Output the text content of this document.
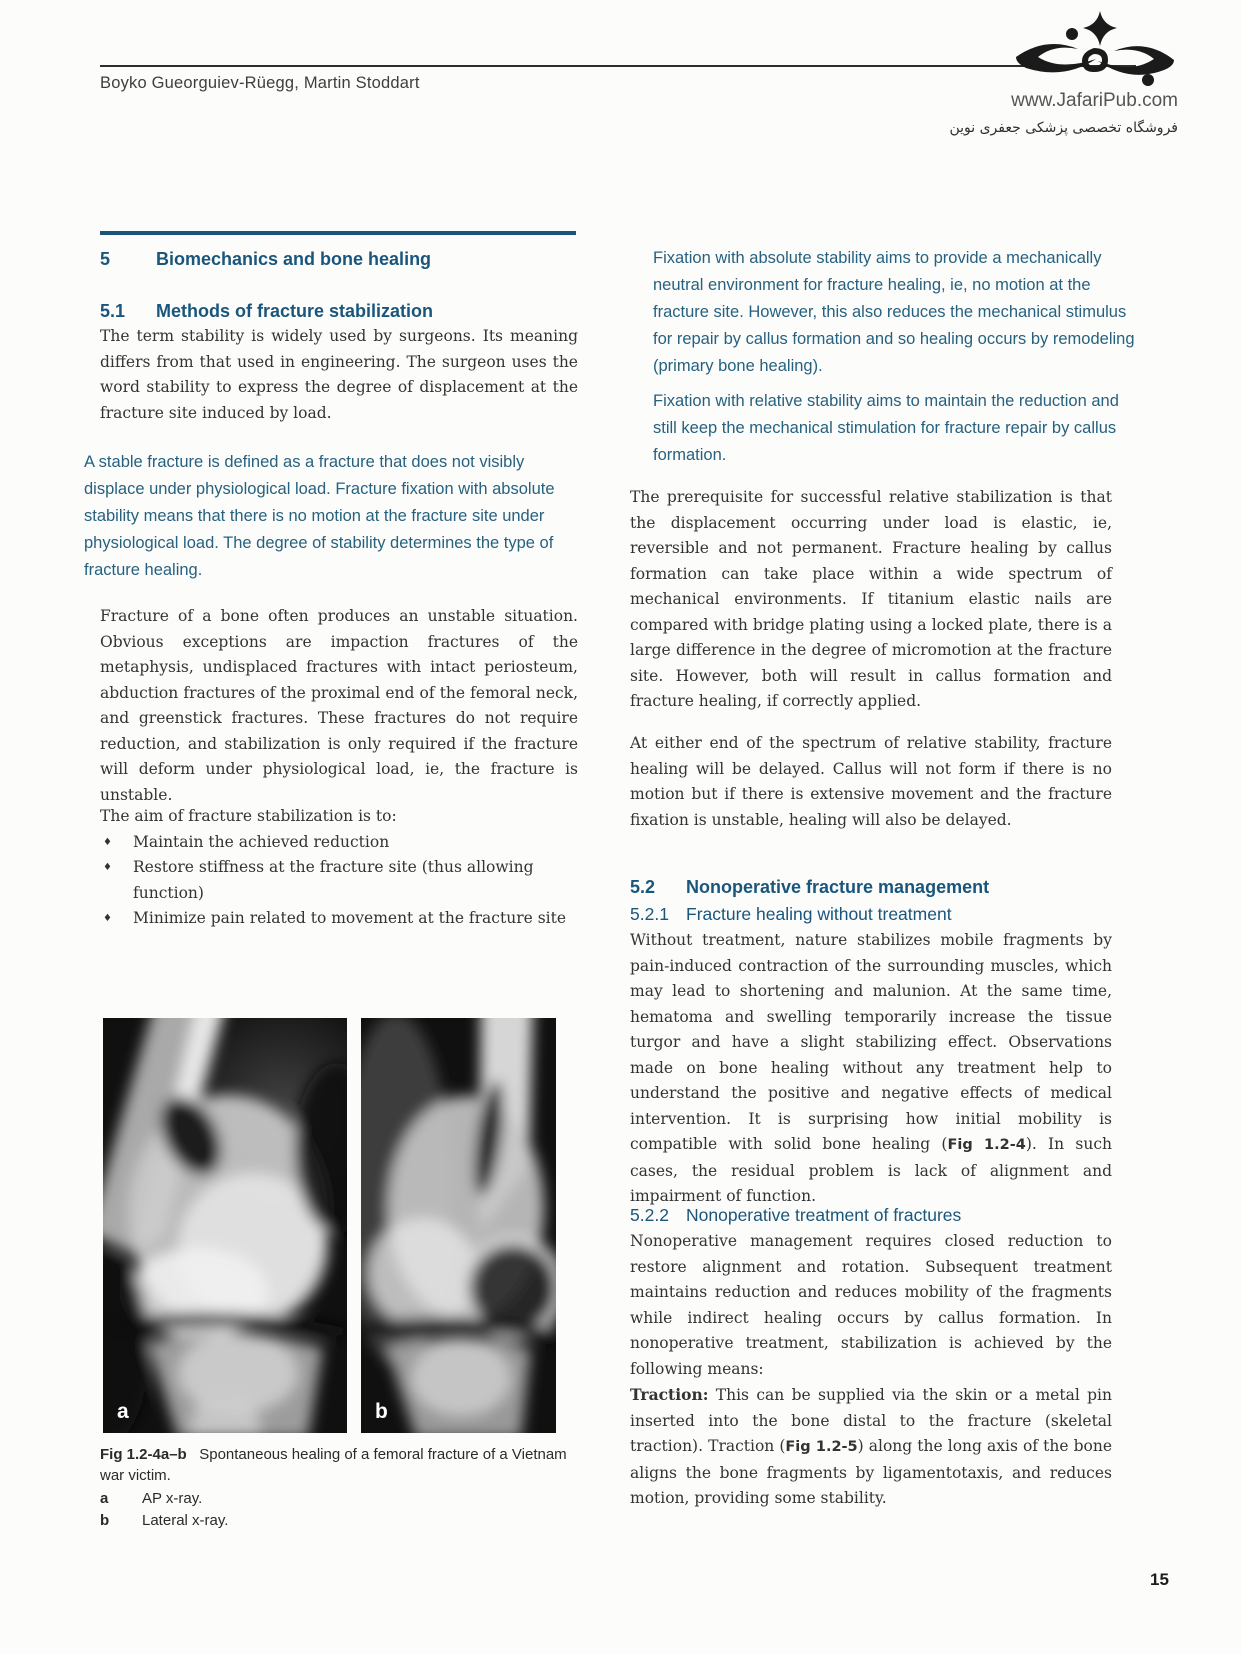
Boyko Gueorguiev-Rüegg, Martin Stoddart
www.JafariPub.com
فروشگاه تخصصی پزشکی جعفری نوین
5	Biomechanics and bone healing
5.1	Methods of fracture stabilization
The term stability is widely used by surgeons. Its meaning differs from that used in engineering. The surgeon uses the word stability to express the degree of displacement at the fracture site induced by load.
A stable fracture is defined as a fracture that does not visibly displace under physiological load. Fracture fixation with absolute stability means that there is no motion at the fracture site under physiological load. The degree of stability determines the type of fracture healing.
Fracture of a bone often produces an unstable situation. Obvious exceptions are impaction fractures of the metaphysis, undisplaced fractures with intact periosteum, abduction fractures of the proximal end of the femoral neck, and greenstick fractures. These fractures do not require reduction, and stabilization is only required if the fracture will deform under physiological load, ie, the fracture is unstable.
The aim of fracture stabilization is to:
♦	Maintain the achieved reduction
♦	Restore stiffness at the fracture site (thus allowing function)
♦	Minimize pain related to movement at the fracture site
a	b
Fig 1.2-4a–b Spontaneous healing of a femoral fracture of a Vietnam war victim.
a	AP x-ray.
b	Lateral x-ray.
Fixation with absolute stability aims to provide a mechanically neutral environment for fracture healing, ie, no motion at the fracture site. However, this also reduces the mechanical stimulus for repair by callus formation and so healing occurs by remodeling (primary bone healing).
Fixation with relative stability aims to maintain the reduction and still keep the mechanical stimulation for fracture repair by callus formation.
The prerequisite for successful relative stabilization is that the displacement occurring under load is elastic, ie, reversible and not permanent. Fracture healing by callus formation can take place within a wide spectrum of mechanical environments. If titanium elastic nails are compared with bridge plating using a locked plate, there is a large difference in the degree of micromotion at the fracture site. However, both will result in callus formation and fracture healing, if correctly applied.
At either end of the spectrum of relative stability, fracture healing will be delayed. Callus will not form if there is no motion but if there is extensive movement and the fracture fixation is unstable, healing will also be delayed.
5.2	Nonoperative fracture management
5.2.1 Fracture healing without treatment
Without treatment, nature stabilizes mobile fragments by pain-induced contraction of the surrounding muscles, which may lead to shortening and malunion. At the same time, hematoma and swelling temporarily increase the tissue turgor and have a slight stabilizing effect. Observations made on bone healing without any treatment help to understand the positive and negative effects of medical intervention. It is surprising how initial mobility is compatible with solid bone healing (Fig 1.2-4). In such cases, the residual problem is lack of alignment and impairment of function.
5.2.2 Nonoperative treatment of fractures
Nonoperative management requires closed reduction to restore alignment and rotation. Subsequent treatment maintains reduction and reduces mobility of the fragments while indirect healing occurs by callus formation. In nonoperative treatment, stabilization is achieved by the following means:
Traction: This can be supplied via the skin or a metal pin inserted into the bone distal to the fracture (skeletal traction). Traction (Fig 1.2-5) along the long axis of the bone aligns the bone fragments by ligamentotaxis, and reduces motion, providing some stability.
15
